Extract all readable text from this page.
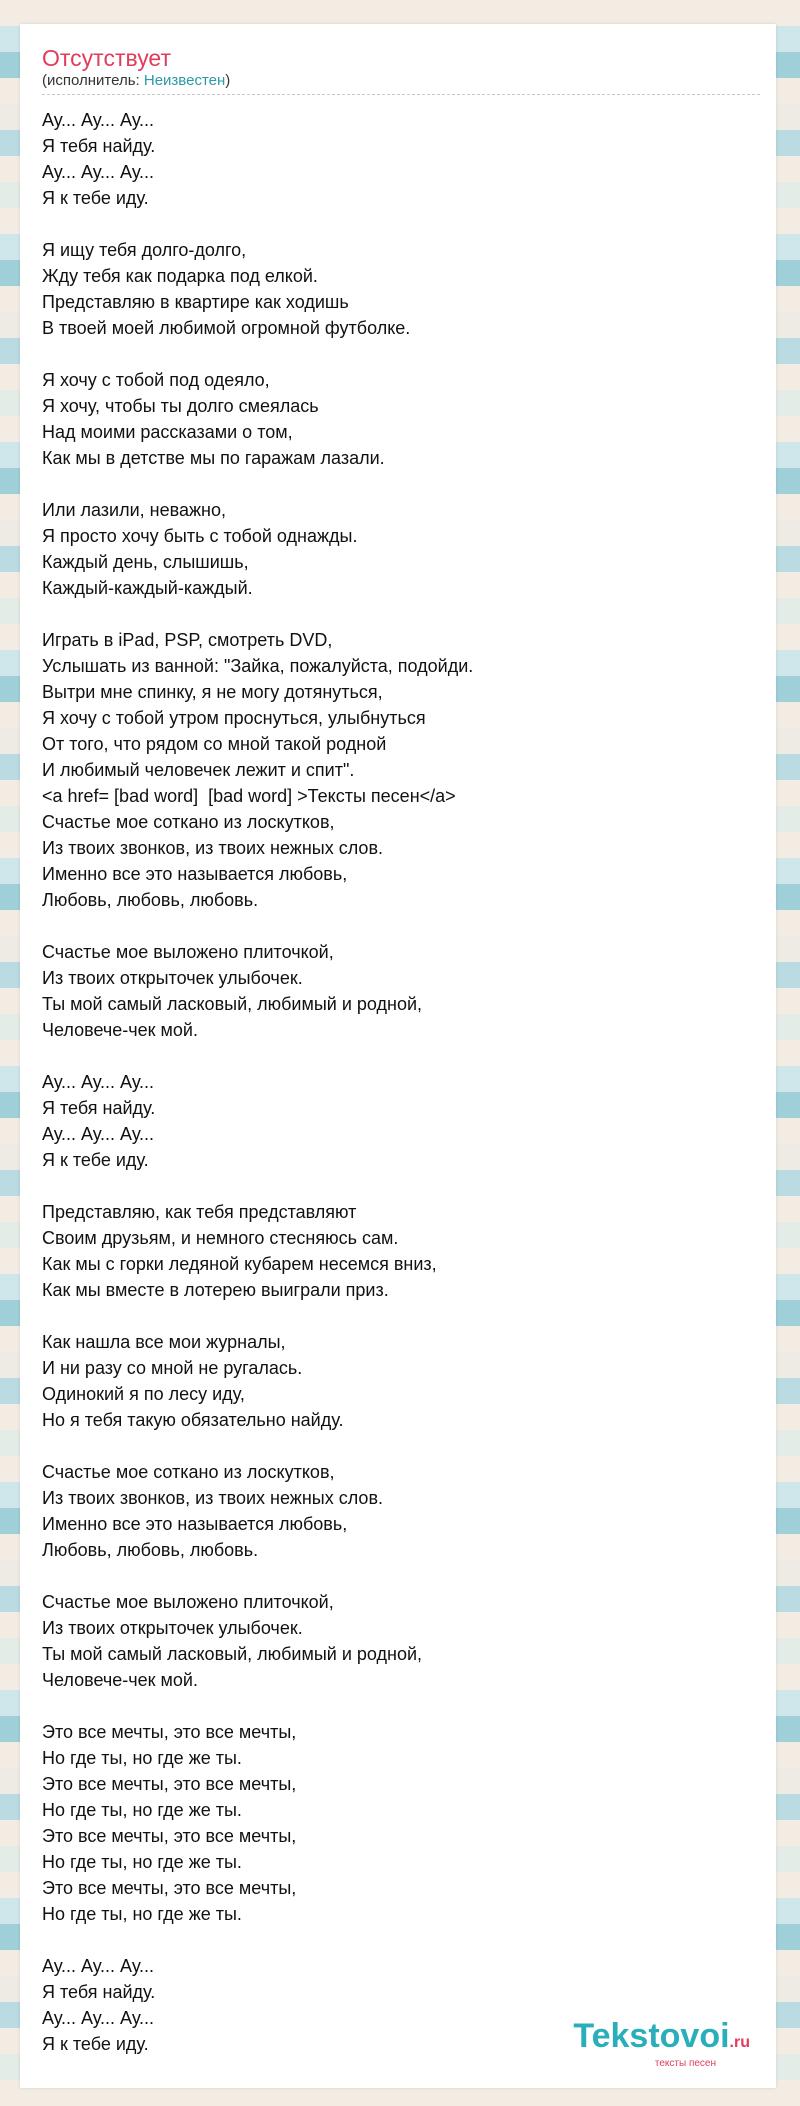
Отсутствует
(исполнитель: Неизвестен)
Ау... Ау... Ау...
Я тебя найду.
Ау... Ау... Ау...
Я к тебе иду.
Я ищу тебя долго-долго,
Жду тебя как подарка под елкой.
Представляю в квартире как ходишь
В твоей моей любимой огромной футболке.
Я хочу с тобой под одеяло,
Я хочу, чтобы ты долго смеялась
Над моими рассказами о том,
Как мы в детстве мы по гаражам лазали.
Или лазили, неважно,
Я просто хочу быть с тобой однажды.
Каждый день, слышишь,
Каждый-каждый-каждый.
Играть в iPad, PSP, смотреть DVD,
Услышать из ванной: "Зайка, пожалуйста, подойди.
Вытри мне спинку, я не могу дотянуться,
Я хочу с тобой утром проснуться, улыбнуться
От того, что рядом со мной такой родной
И любимый человечек лежит и спит".
<a href= [bad word]  [bad word] >Тексты песен</a>
Счастье мое соткано из лоскутков,
Из твоих звонков, из твоих нежных слов.
Именно все это называется любовь,
Любовь, любовь, любовь.
Счастье мое выложено плиточкой,
Из твоих открыточек улыбочек.
Ты мой самый ласковый, любимый и родной,
Человече-чек мой.
Ау... Ау... Ау...
Я тебя найду.
Ау... Ау... Ау...
Я к тебе иду.
Представляю, как тебя представляют
Своим друзьям, и немного стесняюсь сам.
Как мы с горки ледяной кубарем несемся вниз,
Как мы вместе в лотерею выиграли приз.
Как нашла все мои журналы,
И ни разу со мной не ругалась.
Одинокий я по лесу иду,
Но я тебя такую обязательно найду.
Счастье мое соткано из лоскутков,
Из твоих звонков, из твоих нежных слов.
Именно все это называется любовь,
Любовь, любовь, любовь.
Счастье мое выложено плиточкой,
Из твоих открыточек улыбочек.
Ты мой самый ласковый, любимый и родной,
Человече-чек мой.
Это все мечты, это все мечты,
Но где ты, но где же ты.
Это все мечты, это все мечты,
Но где ты, но где же ты.
Это все мечты, это все мечты,
Но где ты, но где же ты.
Это все мечты, это все мечты,
Но где ты, но где же ты.
Ау... Ау... Ау...
Я тебя найду.
Ау... Ау... Ау...
Я к тебе иду.	Tekstovoi.ru
тексты песен
